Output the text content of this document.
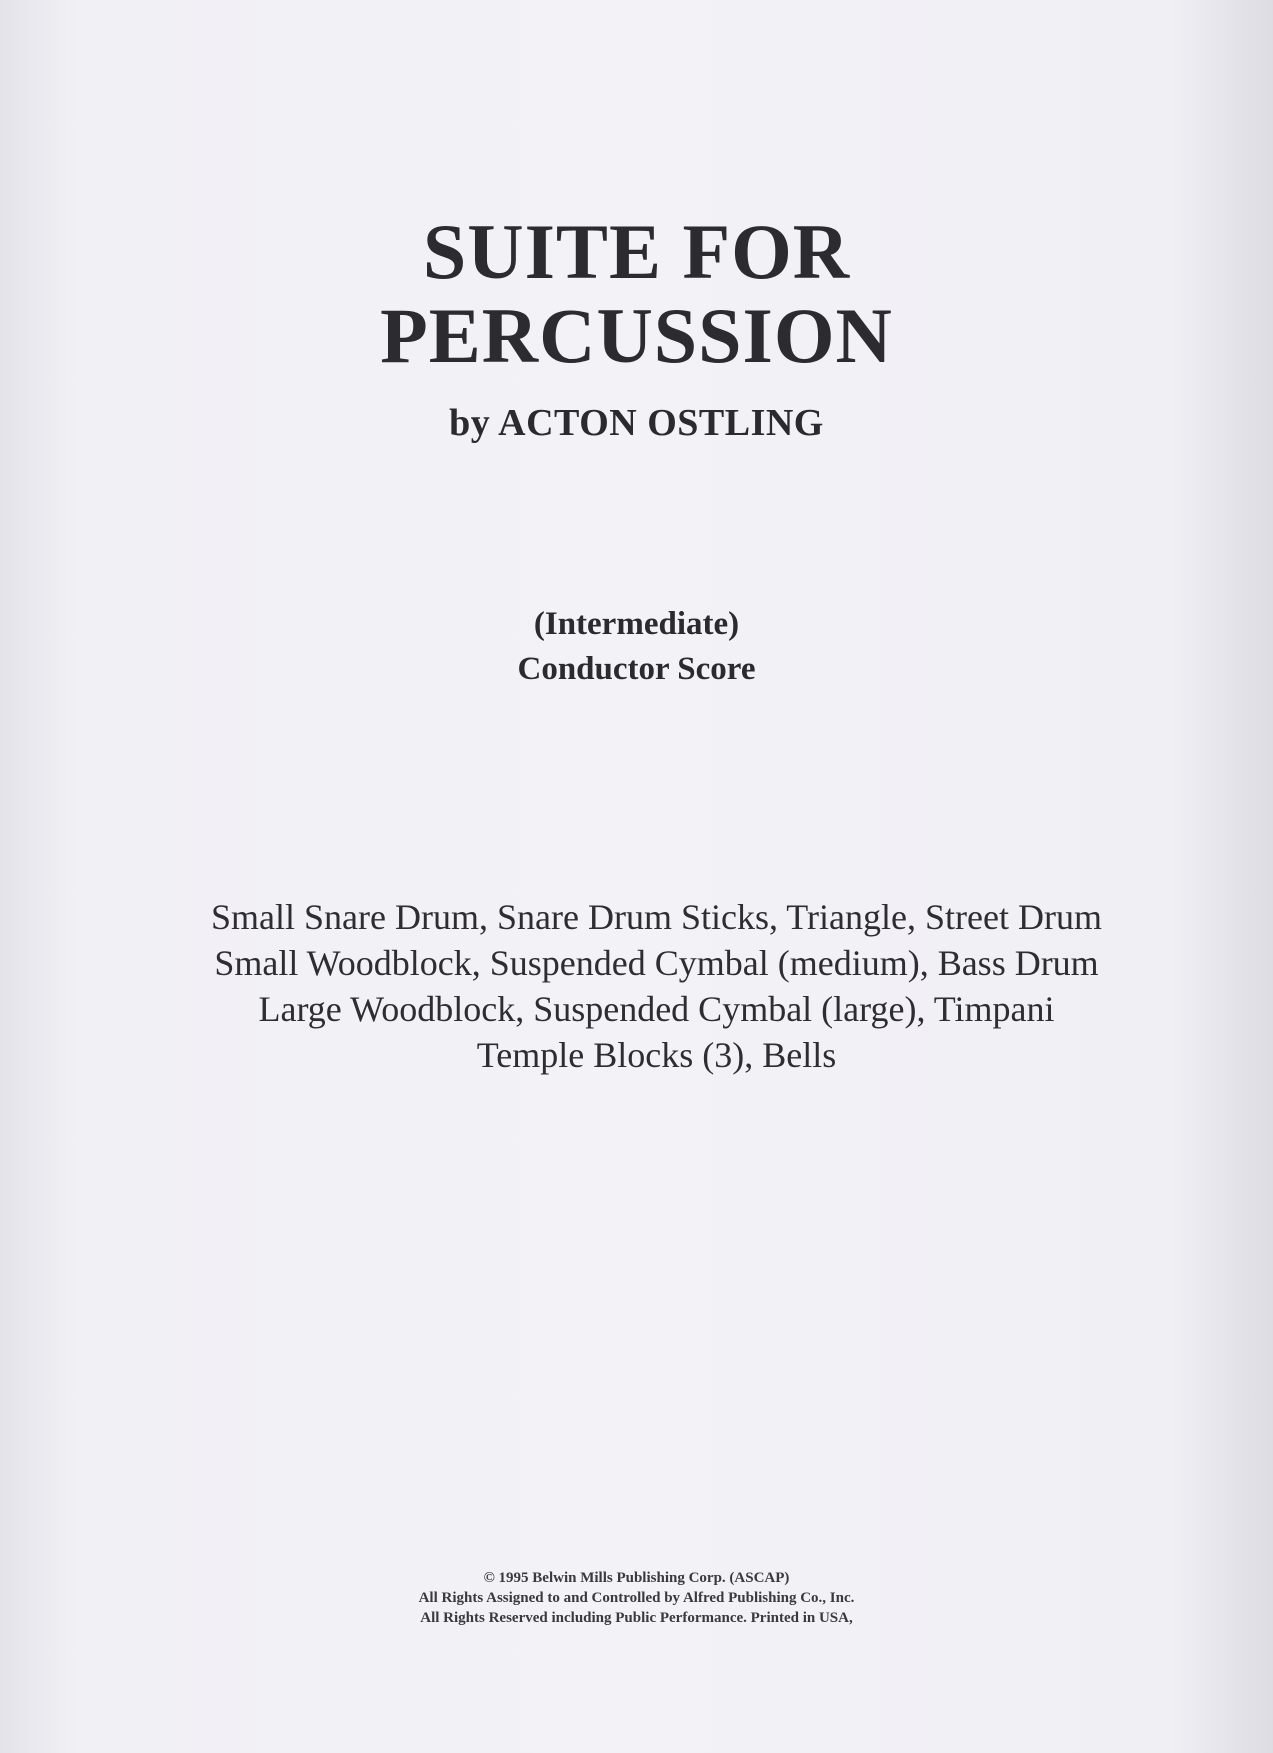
SUITE FOR
PERCUSSION
by ACTON OSTLING
(Intermediate)
Conductor Score
Small Snare Drum, Snare Drum Sticks, Triangle, Street Drum
Small Woodblock, Suspended Cymbal (medium), Bass Drum
Large Woodblock, Suspended Cymbal (large), Timpani
Temple Blocks (3), Bells
© 1995 Belwin Mills Publishing Corp. (ASCAP)
All Rights Assigned to and Controlled by Alfred Publishing Co., Inc.
All Rights Reserved including Public Performance. Printed in USA,
